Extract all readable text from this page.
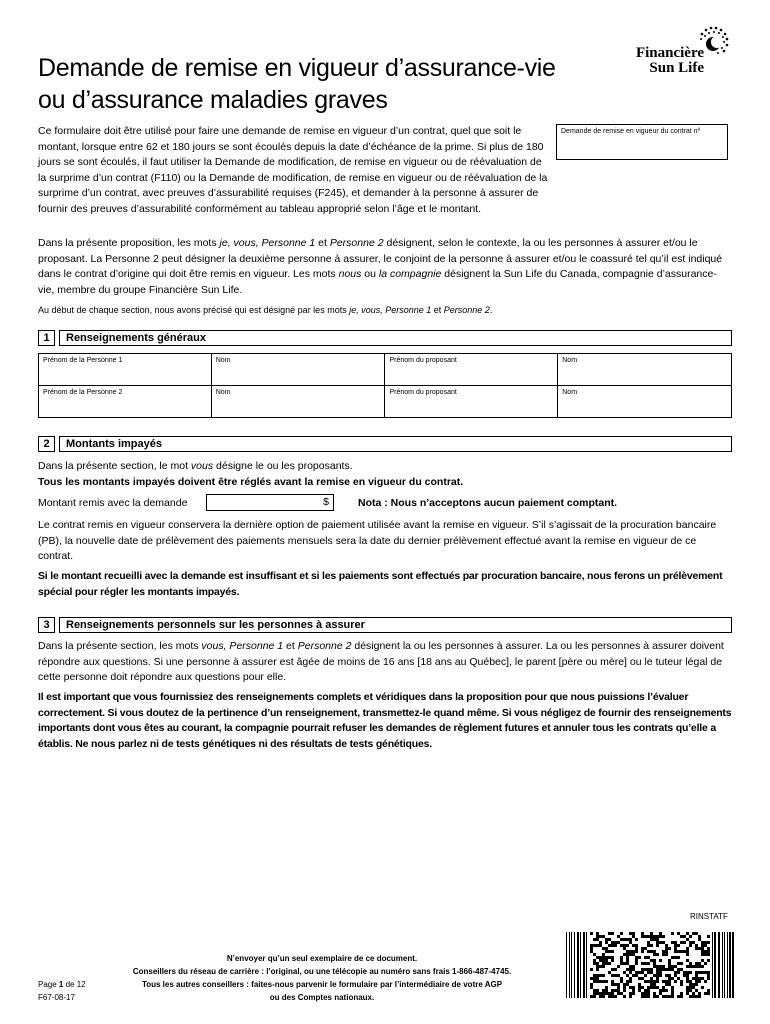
Demande de remise en vigueur d’assurance-vie
ou d’assurance maladies graves
Financière
Sun Life
Demande de remise en vigueur du contrat nº
Ce formulaire doit être utilisé pour faire une demande de remise en vigueur d’un contrat, quel que soit le montant, lorsque entre 62 et 180 jours se sont écoulés depuis la date d’échéance de la prime. Si plus de 180 jours se sont écoulés, il faut utiliser la Demande de modification, de remise en vigueur ou de réévaluation de la surprime d’un contrat (F110) ou la Demande de modification, de remise en vigueur ou de réévaluation de la surprime d’un contrat, avec preuves d’assurabilité requises (F245), et demander à la personne à assurer de fournir des preuves d’assurabilité conformément au tableau approprié selon l’âge et le montant.
Dans la présente proposition, les mots je, vous, Personne 1 et Personne 2 désignent, selon le contexte, la ou les personnes à assurer et/ou le proposant. La Personne 2 peut désigner la deuxième personne à assurer, le conjoint de la personne à assurer et/ou le coassuré tel qu’il est indiqué dans le contrat d’origine qui doit être remis en vigueur. Les mots nous ou la compagnie désignent la Sun Life du Canada, compagnie d’assurance-vie, membre du groupe Financière Sun Life.
Au début de chaque section, nous avons précisé qui est désigné par les mots je, vous, Personne 1 et Personne 2.
1	Renseignements généraux
Prénom de la Personne 1	Nom	Prénom du proposant	Nom
Prénom de la Personne 2	Nom	Prénom du proposant	Nom
2	Montants impayés
Dans la présente section, le mot vous désigne le ou les proposants.
Tous les montants impayés doivent être réglés avant la remise en vigueur du contrat.
Montant remis avec la demande	$	Nota : Nous n’acceptons aucun paiement comptant.
Le contrat remis en vigueur conservera la dernière option de paiement utilisée avant la remise en vigueur. S’il s’agissait de la procuration bancaire (PB), la nouvelle date de prélèvement des paiements mensuels sera la date du dernier prélèvement effectué avant la remise en vigueur de ce contrat.
Si le montant recueilli avec la demande est insuffisant et si les paiements sont effectués par procuration bancaire, nous ferons un prélèvement spécial pour régler les montants impayés.
3	Renseignements personnels sur les personnes à assurer
Dans la présente section, les mots vous, Personne 1 et Personne 2 désignent la ou les personnes à assurer. La ou les personnes à assurer doivent répondre aux questions. Si une personne à assurer est âgée de moins de 16 ans [18 ans au Québec], le parent [père ou mère] ou le tuteur légal de cette personne doit répondre aux questions pour elle.
Il est important que vous fournissiez des renseignements complets et véridiques dans la proposition pour que nous puissions l’évaluer correctement. Si vous doutez de la pertinence d’un renseignement, transmettez-le quand même. Si vous négligez de fournir des renseignements importants dont vous êtes au courant, la compagnie pourrait refuser les demandes de règlement futures et annuler tous les contrats qu’elle a établis. Ne nous parlez ni de tests génétiques ni des résultats de tests génétiques.
RINSTATF
Page 1 de 12
F67-08-17
N’envoyer qu’un seul exemplaire de ce document.
Conseillers du réseau de carrière : l’original, ou une télécopie au numéro sans frais 1-866-487-4745.
Tous les autres conseillers : faites-nous parvenir le formulaire par l’intermédiaire de votre AGP
ou des Comptes nationaux.
